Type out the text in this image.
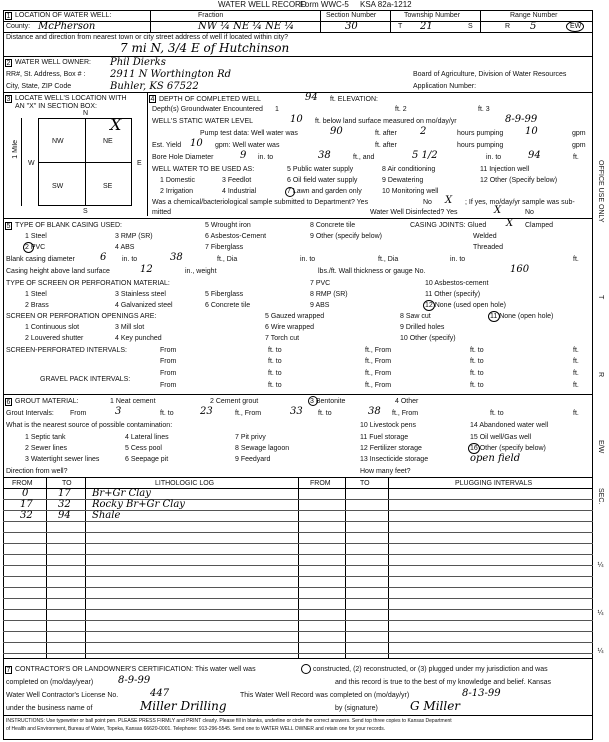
WATER WELL RECORD
Form WWC-5 KSA 82a-1212
1 LOCATION OF WATER WELL:	Fraction	Section Number	Township Number	Range Number
County: McPherson	NW ¼ NE ¼ NE ¼	30	T 21	S	R 5	EW
Distance and direction from nearest town or city street address of well if located within city?
7 mi N, 3/4 E of Hutchinson
2 WATER WELL OWNER: Phil Dierks
RR#, St. Address, Box # : 2911 N Worthington Rd	Board of Agriculture, Division of Water Resources
City, State, ZIP Code	Buhler, KS 67522	Application Number:
3 LOCATE WELL'S LOCATION WITH
AN "X" IN SECTION BOX:
N
S
W	E
NW	NE
SW	SE
X
1 Mile
4 DEPTH OF COMPLETED WELL	94 ft. ELEVATION:
Depth(s) Groundwater Encountered 1	ft. 2	ft. 3
WELL'S STATIC WATER LEVEL	10 ft. below land surface measured on mo/day/yr	8-9-99
Pump test data: Well water was	90	ft. after 2	hours pumping 10	gpm
Est. Yield 10 gpm: Well water was	ft. after	hours pumping	gpm
Bore Hole Diameter	9 in. to	38	ft., and	5 1/2	in. to	94	ft.
WELL WATER TO BE USED AS:	5 Public water supply	8 Air conditioning	11 Injection well
1 Domestic	3 Feedlot	6 Oil field water supply	9 Dewatering	12 Other (Specify below)
2 Irrigation	4 Industrial	7 Lawn and garden only	10 Monitoring well
Was a chemical/bacteriological sample submitted to Department? Yes	No X ; If yes, mo/day/yr sample was sub-
mitted	Water Well Disinfected? Yes	X	No
5 TYPE OF BLANK CASING USED:	5 Wrought iron	8 Concrete tile	CASING JOINTS: Glued X Clamped
1 Steel	3 RMP (SR)	6 Asbestos-Cement	9 Other (specify below)	Welded
2 PVC	4 ABS	7 Fiberglass	Threaded
Blank casing diameter	6 in. to	38	ft., Dia	in. to	ft., Dia	in. to	ft.
Casing height above land surface	12	in., weight	lbs./ft. Wall thickness or gauge No.	160
TYPE OF SCREEN OR PERFORATION MATERIAL:	7 PVC	10 Asbestos-cement
1 Steel	3 Stainless steel	5 Fiberglass	8 RMP (SR)	11 Other (specify)
2 Brass	4 Galvanized steel	6 Concrete tile	9 ABS	12 None (used open hole)
SCREEN OR PERFORATION OPENINGS ARE:
1 Continuous slot	3 Mill slot
5 Gauzed wrapped	8 Saw cut	11 None (open hole)
2 Louvered shutter	4 Key punched
6 Wire wrapped
7 Torch cut
9 Drilled holes
10 Other (specify)
SCREEN-PERFORATED INTERVALS:	From	ft. to	ft., From	ft. to	ft.
From	ft. to	ft., From	ft. to	ft.
GRAVEL PACK INTERVALS:
From	ft. to	ft., From	ft. to	ft.
From	ft. to	ft., From	ft. to	ft.
6 GROUT MATERIAL:	1 Neat cement	2 Cement grout	3 Bentonite	4 Other
Grout Intervals: From	3	ft. to	23	ft., From	33 ft. to	38 ft., From	ft. to	ft.
What is the nearest source of possible contamination:
1 Septic tank	4 Lateral lines	7 Pit privy
10 Livestock pens	14 Abandoned water well
2 Sewer lines	5 Cess pool	8 Sewage lagoon
11 Fuel storage	15 Oil well/Gas well
3 Watertight sewer lines	6 Seepage pit	9 Feedyard
12 Fertilizer storage	16 Other (specify below)
13 Insecticide storage	open field
Direction from well?	How many feet?
FROM	TO	LITHOLOGIC LOG	FROM	TO	PLUGGING INTERVALS
0	17 Br+Gr Clay
17	32 Rocky Br+Gr Clay
32	94 Shale
7 CONTRACTOR'S OR LANDOWNER'S CERTIFICATION: This water well was	constructed, (2) reconstructed, or (3) plugged under my jurisdiction and was
completed on (mo/day/year) 8-9-99	and this record is true to the best of my knowledge and belief. Kansas
Water Well Contractor's License No.	447	This Water Well Record was completed on (mo/day/yr)	8-13-99
under the business name of	Miller Drilling	by (signature)	G Miller
INSTRUCTIONS: Use typewriter or ball point pen. PLEASE PRESS FIRMLY and PRINT clearly. Please fill in blanks, underline or circle the correct answers. Send top three copies to Kansas Department
of Health and Environment, Bureau of Water, Topeka, Kansas 66620-0001. Telephone: 913-296-5545. Send one to WATER WELL OWNER and retain one for your records.
OFFICE USE ONLY
T
R
E/W
SEC.
¼
¼
¼
